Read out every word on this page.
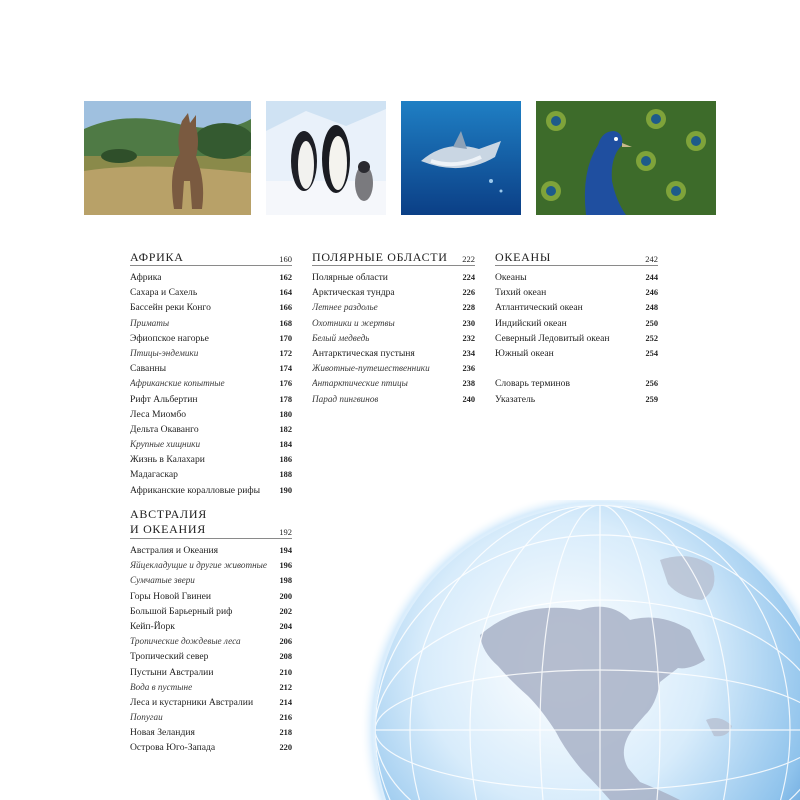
АФРИКА	160
Африка	162
Сахара и Сахель	164
Бассейн реки Конго	166
Приматы	168
Эфиопское нагорье	170
Птицы-эндемики	172
Саванны	174
Африканские копытные	176
Рифт Альбертин	178
Леса Миомбо	180
Дельта Окаванго	182
Крупные хищники	184
Жизнь в Калахари	186
Мадагаскар	188
Африканские коралловые рифы 190
ПОЛЯРНЫЕ ОБЛАСТИ 222
Полярные области	224
Арктическая тундра	226
Летнее раздолье	228
Охотники и жертвы	230
Белый медведь	232
Антарктическая пустыня	234
Животные-путешественники	236
Антарктические птицы	238
Парад пингвинов	240
ОКЕАНЫ	242
Океаны	244
Тихий океан	246
Атлантический океан	248
Индийский океан	250
Северный Ледовитый океан	252
Южный океан	254
Словарь терминов	256
Указатель	259
АВСТРАЛИЯ
И ОКЕАНИЯ	192
Австралия и Океания	194
Яйцекладущие и другие животные 196
Сумчатые звери	198
Горы Новой Гвинеи	200
Большой Барьерный риф	202
Кейп-Йорк	204
Тропические дождевые леса	206
Тропический север	208
Пустыни Австралии	210
Вода в пустыне	212
Леса и кустарники Австралии	214
Попугаи	216
Новая Зеландия	218
Острова Юго-Запада	220
